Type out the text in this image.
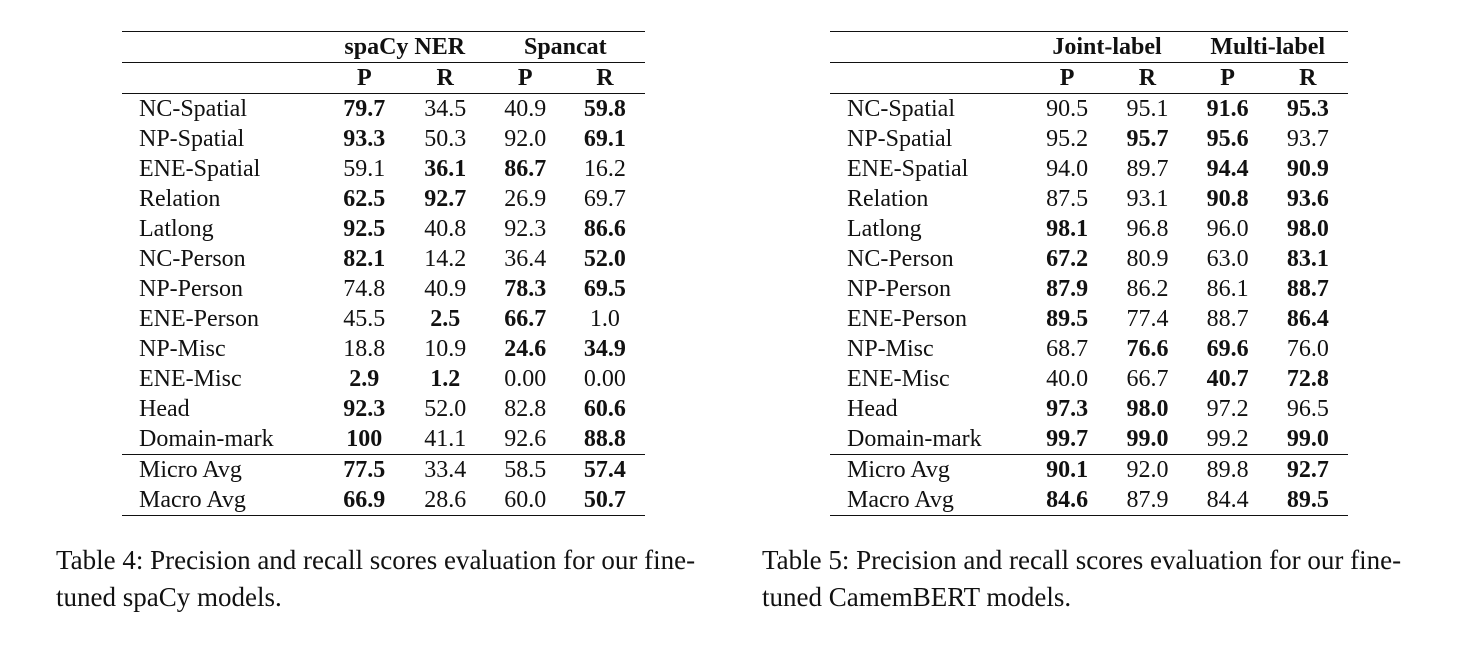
	spaCy NER		Spancat	
	P	R	P	R
NC-Spatial	79.7	34.5	40.9	59.8
NP-Spatial	93.3	50.3	92.0	69.1
ENE-Spatial	59.1	36.1	86.7	16.2
Relation	62.5	92.7	26.9	69.7
Latlong	92.5	40.8	92.3	86.6
NC-Person	82.1	14.2	36.4	52.0
NP-Person	74.8	40.9	78.3	69.5
ENE-Person	45.5	2.5	66.7	1.0
NP-Misc	18.8	10.9	24.6	34.9
ENE-Misc	2.9	1.2	0.00	0.00
Head	92.3	52.0	82.8	60.6
Domain-mark	100	41.1	92.6	88.8
Micro Avg	77.5	33.4	58.5	57.4
Macro Avg	66.9	28.6	60.0	50.7
	Joint-label		Multi-label	
	P	R	P	R
NC-Spatial	90.5	95.1	91.6	95.3
NP-Spatial	95.2	95.7	95.6	93.7
ENE-Spatial	94.0	89.7	94.4	90.9
Relation	87.5	93.1	90.8	93.6
Latlong	98.1	96.8	96.0	98.0
NC-Person	67.2	80.9	63.0	83.1
NP-Person	87.9	86.2	86.1	88.7
ENE-Person	89.5	77.4	88.7	86.4
NP-Misc	68.7	76.6	69.6	76.0
ENE-Misc	40.0	66.7	40.7	72.8
Head	97.3	98.0	97.2	96.5
Domain-mark	99.7	99.0	99.2	99.0
Micro Avg	90.1	92.0	89.8	92.7
Macro Avg	84.6	87.9	84.4	89.5
Table 4: Precision and recall scores evaluation for our fine-tuned spaCy models.
Table 5: Precision and recall scores evaluation for our fine-tuned CamemBERT models.
